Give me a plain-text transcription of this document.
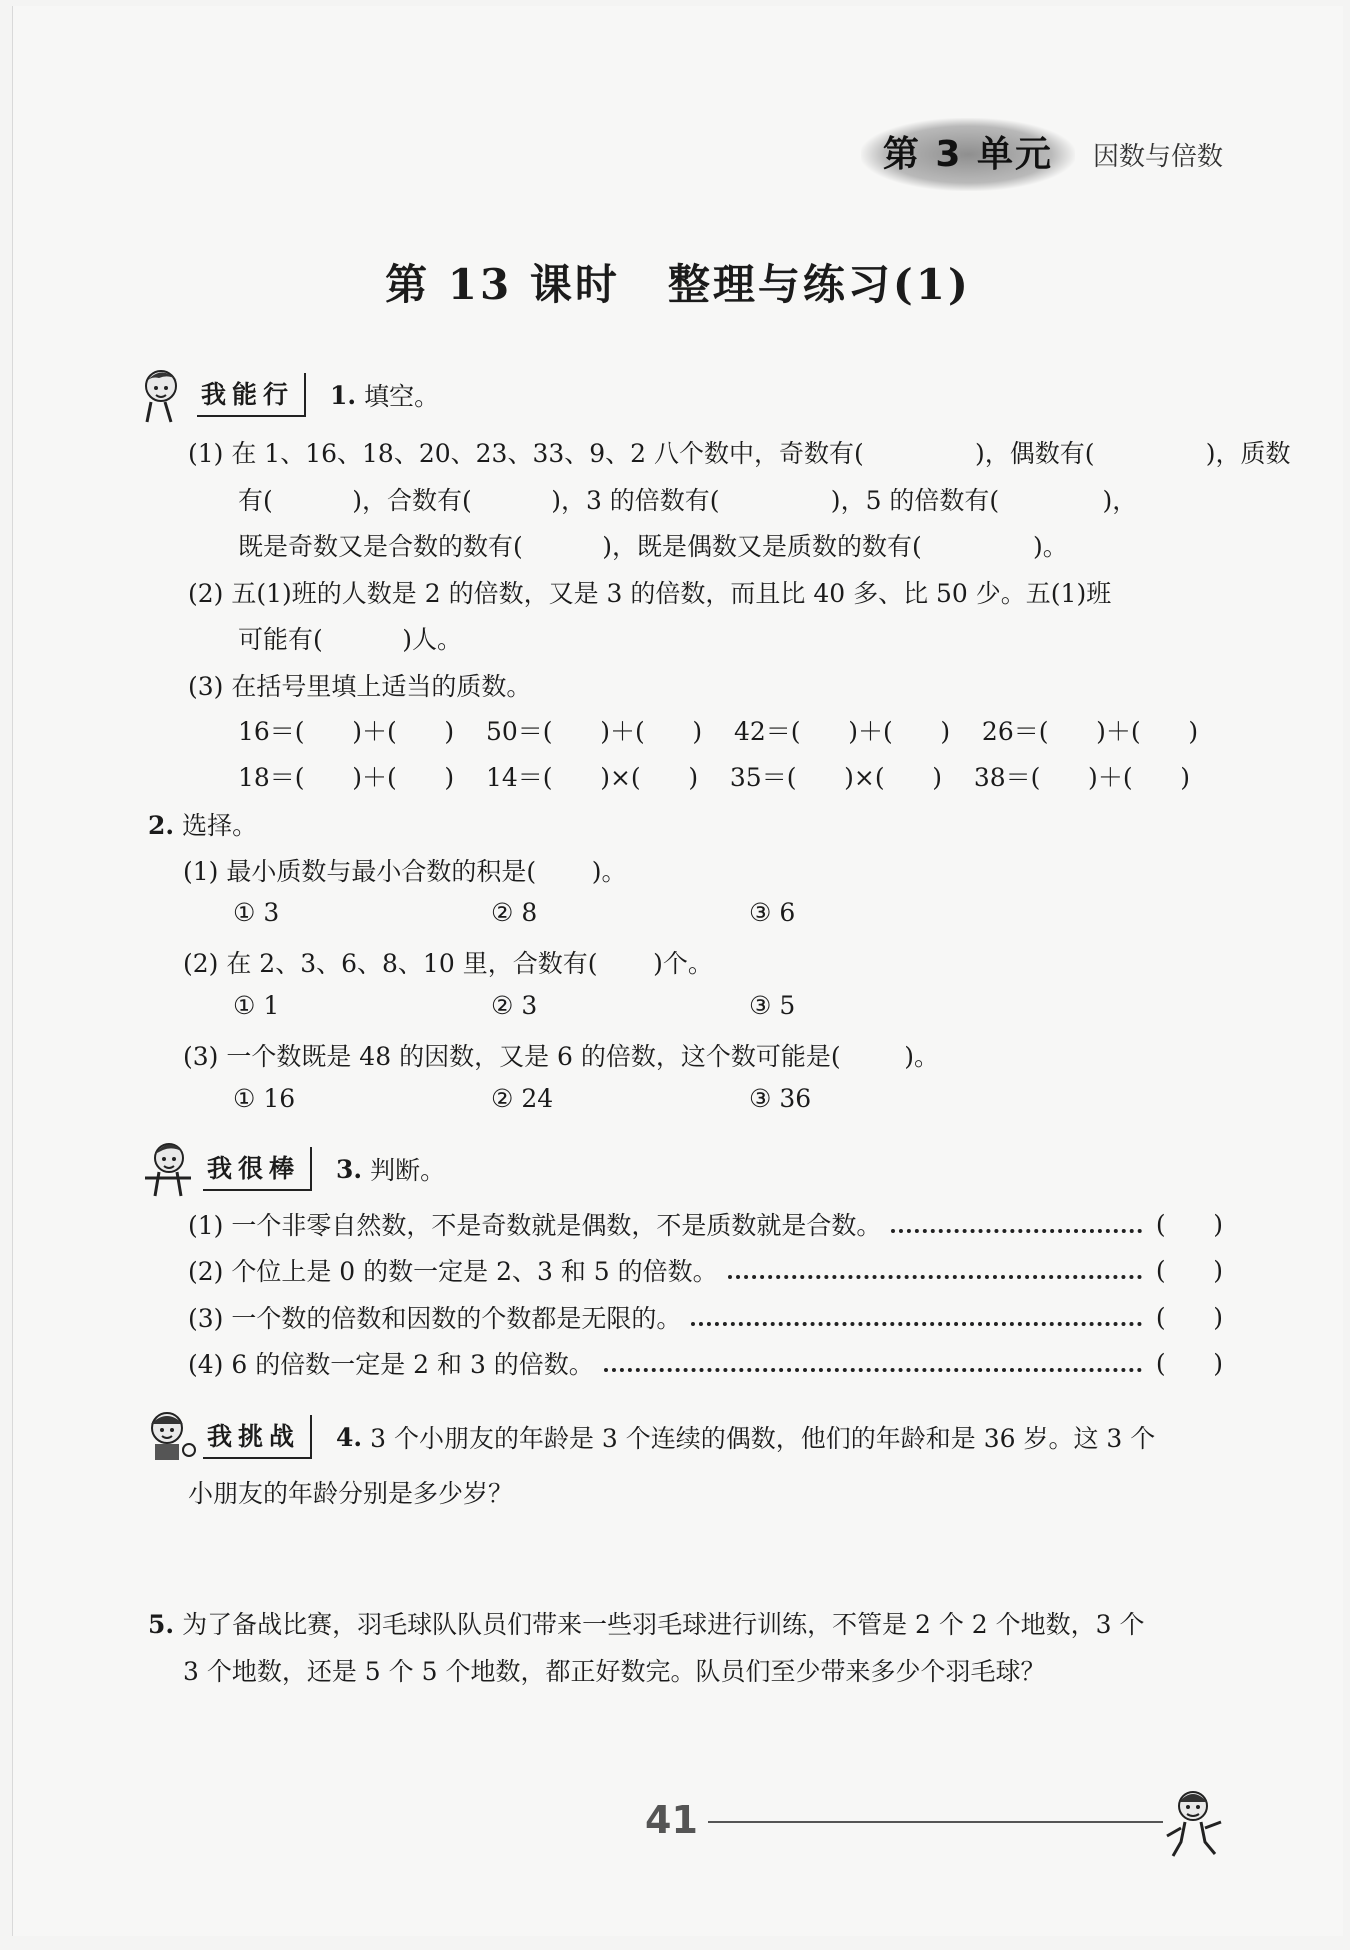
第 3 单元	因数与倍数
第 13 课时 整理与练习(1)
我能行	1. 填空。
(1) 在 1、16、18、20、23、33、9、2 八个数中，奇数有(              )，偶数有(              )，质数
有(          )，合数有(          )，3 的倍数有(              )，5 的倍数有(             )，
既是奇数又是合数的数有(          )，既是偶数又是质数的数有(              )。
(2) 五(1)班的人数是 2 的倍数，又是 3 的倍数，而且比 40 多、比 50 少。五(1)班
可能有(          )人。
(3) 在括号里填上适当的质数。
16＝(      )＋(      )    50＝(      )＋(      )    42＝(      )＋(      )    26＝(      )＋(      )
18＝(      )＋(      )    14＝(      )×(      )    35＝(      )×(      )    38＝(      )＋(      )
2. 选择。
(1) 最小质数与最小合数的积是(       )。
① 3	② 8	③ 6
(2) 在 2、3、6、8、10 里，合数有(       )个。
① 1	② 3	③ 5
(3) 一个数既是 48 的因数，又是 6 的倍数，这个数可能是(        )。
① 16	② 24	③ 36
我很棒	3. 判断。
(1) 一个非零自然数，不是奇数就是偶数，不是质数就是合数。	(      )
(2) 个位上是 0 的数一定是 2、3 和 5 的倍数。	(      )
(3) 一个数的倍数和因数的个数都是无限的。	(      )
(4) 6 的倍数一定是 2 和 3 的倍数。	(      )
我挑战	4. 3 个小朋友的年龄是 3 个连续的偶数，他们的年龄和是 36 岁。这 3 个
小朋友的年龄分别是多少岁？
5. 为了备战比赛，羽毛球队队员们带来一些羽毛球进行训练，不管是 2 个 2 个地数，3 个
3 个地数，还是 5 个 5 个地数，都正好数完。队员们至少带来多少个羽毛球？
41
